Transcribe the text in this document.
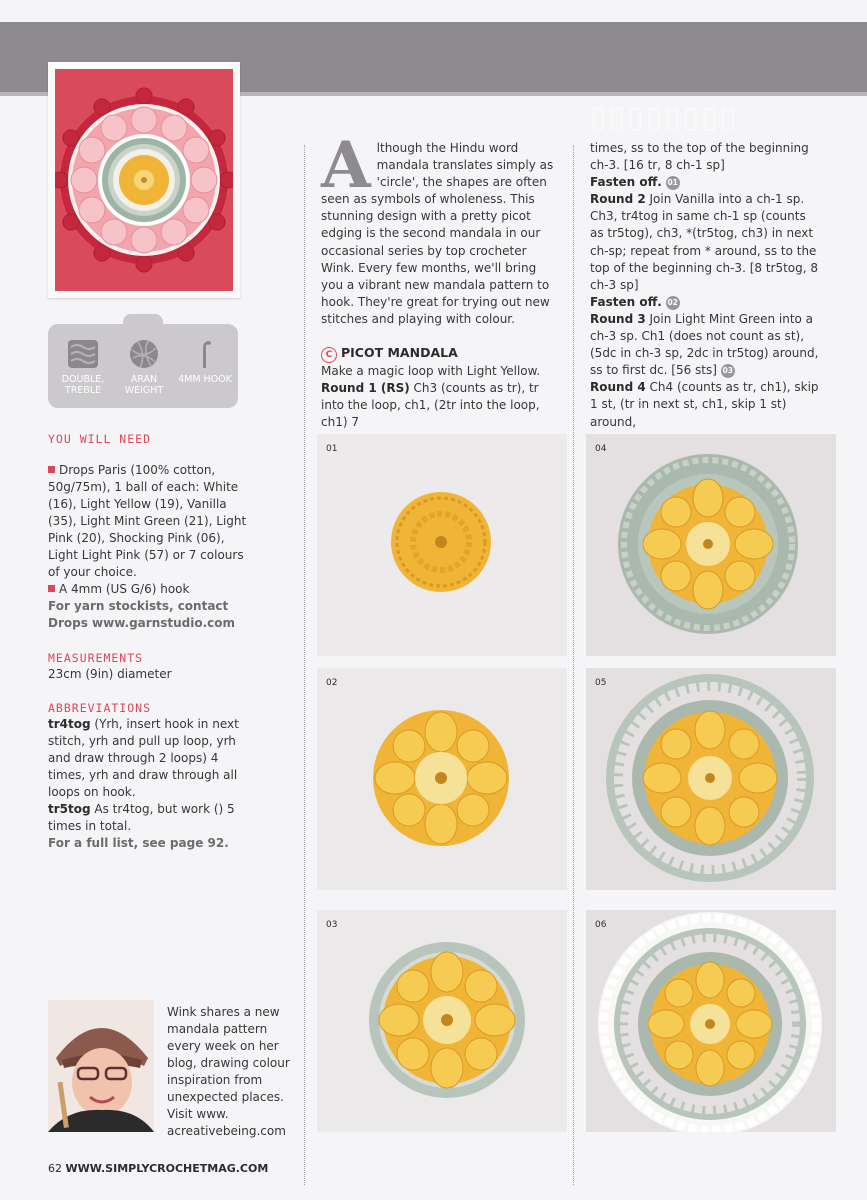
▯▯▯▯▯▯▯▯
DOUBLE, TREBLE
ARAN WEIGHT
4MM HOOK
YOU WILL NEED
Drops Paris (100% cotton, 50g/75m), 1 ball of each: White (16), Light Yellow (19), Vanilla (35), Light Mint Green (21), Light Pink (20), Shocking Pink (06), Light Light Pink (57) or 7 colours of your choice.
A 4mm (US G/6) hook
For yarn stockists, contact Drops www.garnstudio.com
MEASUREMENTS
23cm (9in) diameter
ABBREVIATIONS
tr4tog (Yrh, insert hook in next stitch, yrh and pull up loop, yrh and draw through 2 loops) 4 times, yrh and draw through all loops on hook.
tr5tog As tr4tog, but work () 5 times in total.
For a full list, see page 92.
Wink shares a new mandala pattern every week on her blog, drawing colour inspiration from unexpected places. Visit www. acreativebeing.com
62 WWW.SIMPLYCROCHETMAG.COM
Although the Hindu word mandala translates simply as 'circle', the shapes are often seen as symbols of wholeness. This stunning design with a pretty picot edging is the second mandala in our occasional series by top crocheter Wink. Every few months, we'll bring you a vibrant new mandala pattern to hook. They're great for trying out new stitches and playing with colour.
C PICOT MANDALA
Make a magic loop with Light Yellow.
Round 1 (RS) Ch3 (counts as tr), tr into the loop, ch1, (2tr into the loop, ch1) 7
times, ss to the top of the beginning ch-3. [16 tr, 8 ch-1 sp]
Fasten off. 01
Round 2 Join Vanilla into a ch-1 sp. Ch3, tr4tog in same ch-1 sp (counts as tr5tog), ch3, *(tr5tog, ch3) in next ch-sp; repeat from * around, ss to the top of the beginning ch-3. [8 tr5tog, 8 ch-3 sp]
Fasten off. 02
Round 3 Join Light Mint Green into a ch-3 sp. Ch1 (does not count as st), (5dc in ch-3 sp, 2dc in tr5tog) around, ss to first dc. [56 sts] 03
Round 4 Ch4 (counts as tr, ch1), skip 1 st, (tr in next st, ch1, skip 1 st) around,
01
02
03
04
05
06
